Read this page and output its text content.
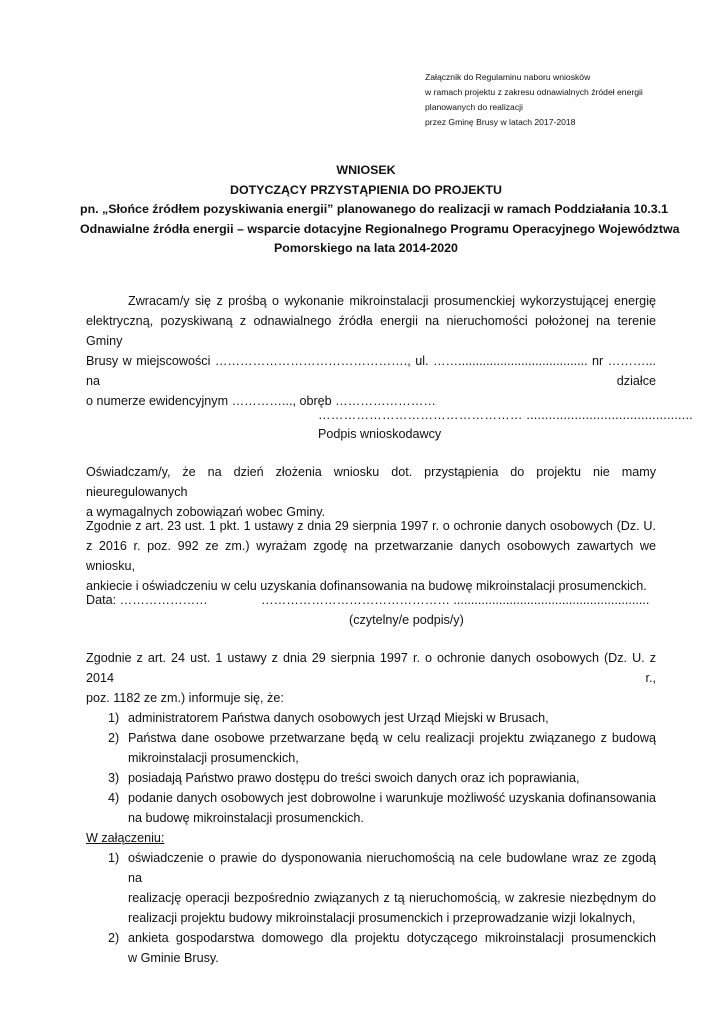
Załącznik do Regulaminu naboru wniosków
w ramach projektu z zakresu odnawialnych źródeł energii
planowanych do realizacji
przez Gminę Brusy w latach 2017-2018
WNIOSEK
DOTYCZĄCY PRZYSTĄPIENIA DO PROJEKTU
pn. „Słońce źródłem pozyskiwania energii” planowanego do realizacji w ramach Poddziałania 10.3.1
Odnawialne źródła energii – wsparcie dotacyjne Regionalnego Programu Operacyjnego Województwa
Pomorskiego na lata 2014-2020
Zwracam/y się z prośbą o wykonanie mikroinstalacji prosumenckiej wykorzystującej energię
elektryczną, pozyskiwaną z odnawialnego źródła energii na nieruchomości położonej na terenie Gminy
Brusy w miejscowości ………………………………………., ul. ……..................................... nr ………... na działce
o numerze ewidencyjnym …………..., obręb ……………………
………………………………………… .............................................
Podpis wnioskodawcy
Oświadczam/y, że na dzień złożenia wniosku dot. przystąpienia do projektu nie mamy nieuregulowanych
a wymagalnych zobowiązań wobec Gminy.
Zgodnie z art. 23 ust. 1 pkt. 1 ustawy z dnia 29 sierpnia 1997 r. o ochronie danych osobowych (Dz. U.
z 2016 r. poz. 992 ze zm.) wyrażam zgodę na przetwarzanie danych osobowych zawartych we wniosku,
ankiecie i oświadczeniu w celu uzyskania dofinansowania na budowę mikroinstalacji prosumenckich.
Data: …………………	……………………………………… ........................................................
(czytelny/e podpis/y)
Zgodnie z art. 24 ust. 1 ustawy z dnia 29 sierpnia 1997 r. o ochronie danych osobowych (Dz. U. z 2014 r.,
poz. 1182 ze zm.) informuje się, że:
1) administratorem Państwa danych osobowych jest Urząd Miejski w Brusach,
2) Państwa dane osobowe przetwarzane będą w celu realizacji projektu związanego z budową
mikroinstalacji prosumenckich,
3) posiadają Państwo prawo dostępu do treści swoich danych oraz ich poprawiania,
4) podanie danych osobowych jest dobrowolne i warunkuje możliwość uzyskania dofinansowania
na budowę mikroinstalacji prosumenckich.
W załączeniu:
1) oświadczenie o prawie do dysponowania nieruchomością na cele budowlane wraz ze zgodą na
realizację operacji bezpośrednio związanych z tą nieruchomością, w zakresie niezbędnym do
realizacji projektu budowy mikroinstalacji prosumenckich i przeprowadzanie wizji lokalnych,
2) ankieta gospodarstwa domowego dla projektu dotyczącego mikroinstalacji prosumenckich
w Gminie Brusy.
